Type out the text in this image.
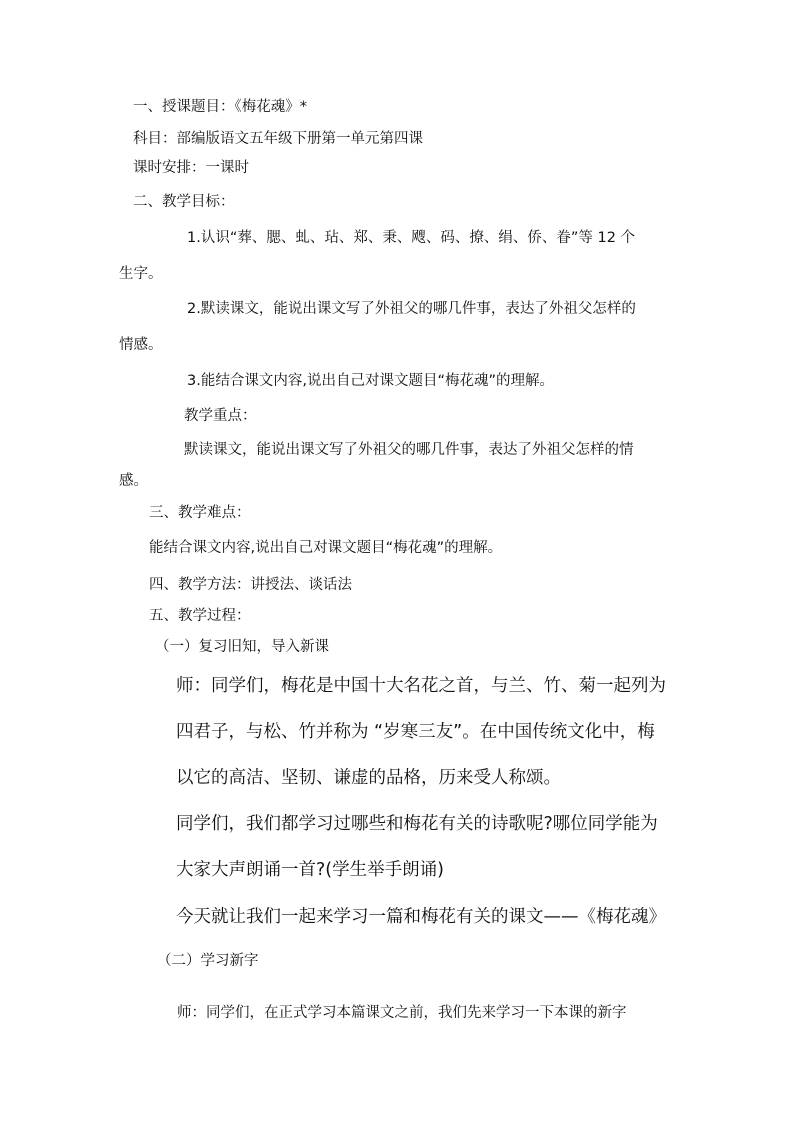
一、授课题目：《梅花魂》*
科目：部编版语文五年级下册第一单元第四课
课时安排：一课时
二、教学目标：
1.认识“葬、腮、虬、玷、郑、秉、飕、码、撩、绢、侨、眷”等 12 个
生字。
2.默读课文，能说出课文写了外祖父的哪几件事，表达了外祖父怎样的
情感。
3.能结合课文内容,说出自己对课文题目“梅花魂”的理解。
教学重点：
默读课文，能说出课文写了外祖父的哪几件事，表达了外祖父怎样的情
感。
三、教学难点：
能结合课文内容,说出自己对课文题目“梅花魂”的理解。
四、教学方法：讲授法、谈话法
五、教学过程：
（一）复习旧知，导入新课
师：同学们，梅花是中国十大名花之首，与兰、竹、菊一起列为
四君子，与松、竹并称为 “岁寒三友”。在中国传统文化中，梅
以它的高洁、坚韧、谦虚的品格，历来受人称颂。
同学们，我们都学习过哪些和梅花有关的诗歌呢?哪位同学能为
大家大声朗诵一首?(学生举手朗诵)
今天就让我们一起来学习一篇和梅花有关的课文——《梅花魂》
（二）学习新字
师：同学们，在正式学习本篇课文之前，我们先来学习一下本课的新字
